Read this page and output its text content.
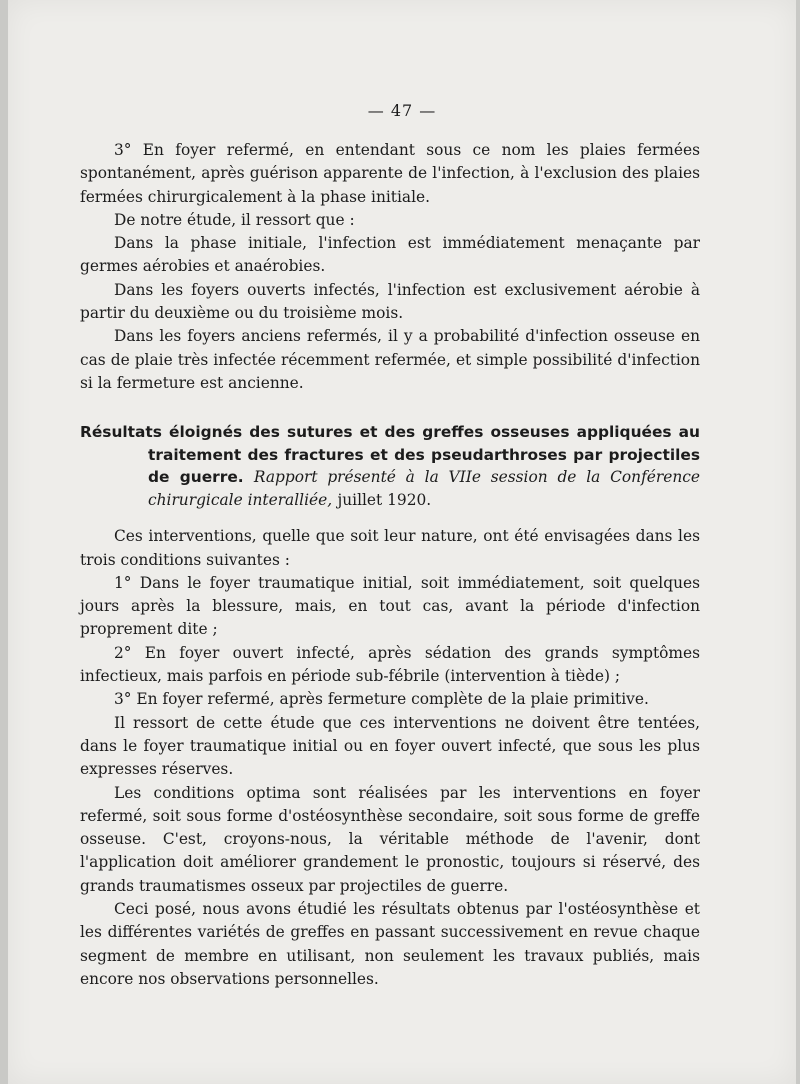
— 47 —

3° En foyer refermé, en entendant sous ce nom les plaies fermées spontanément, après guérison apparente de l'infection, à l'exclusion des plaies fermées chirurgicalement à la phase initiale.

De notre étude, il ressort que :

Dans la phase initiale, l'infection est immédiatement menaçante par germes aérobies et anaérobies.

Dans les foyers ouverts infectés, l'infection est exclusivement aérobie à partir du deuxième ou du troisième mois.

Dans les foyers anciens refermés, il y a probabilité d'infection osseuse en cas de plaie très infectée récemment refermée, et simple possibilité d'infection si la fermeture est ancienne.

Résultats éloignés des sutures et des greffes osseuses appliquées au traitement des fractures et des pseudarthroses par projectiles de guerre. Rapport présenté à la VIIe session de la Conférence chirurgicale interalliée, juillet 1920.

Ces interventions, quelle que soit leur nature, ont été envisagées dans les trois conditions suivantes :

1° Dans le foyer traumatique initial, soit immédiatement, soit quelques jours après la blessure, mais, en tout cas, avant la période d'infection proprement dite ;

2° En foyer ouvert infecté, après sédation des grands symptômes infectieux, mais parfois en période sub-fébrile (intervention à tiède) ;

3° En foyer refermé, après fermeture complète de la plaie primitive.

Il ressort de cette étude que ces interventions ne doivent être tentées, dans le foyer traumatique initial ou en foyer ouvert infecté, que sous les plus expresses réserves.

Les conditions optima sont réalisées par les interventions en foyer refermé, soit sous forme d'ostéosynthèse secondaire, soit sous forme de greffe osseuse. C'est, croyons-nous, la véritable méthode de l'avenir, dont l'application doit améliorer grandement le pronostic, toujours si réservé, des grands traumatismes osseux par projectiles de guerre.

Ceci posé, nous avons étudié les résultats obtenus par l'ostéosynthèse et les différentes variétés de greffes en passant successivement en revue chaque segment de membre en utilisant, non seulement les travaux publiés, mais encore nos observations personnelles.
